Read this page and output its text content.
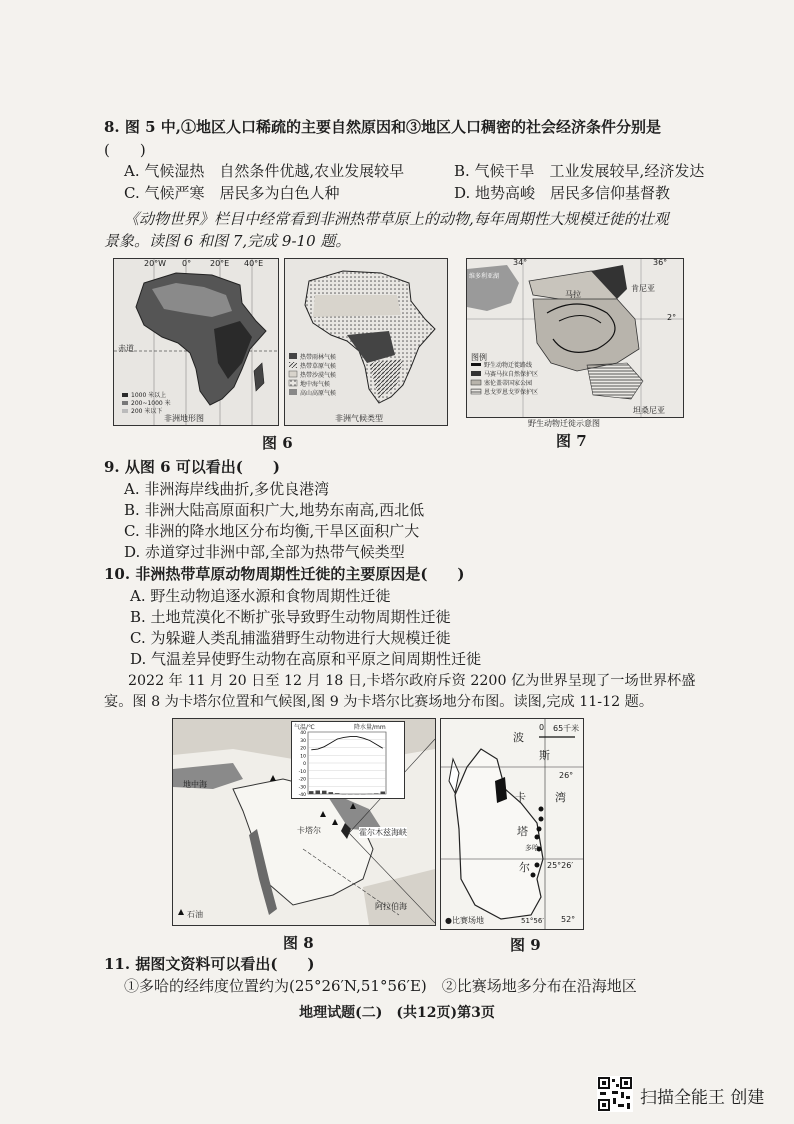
8. 图 5 中,①地区人口稀疏的主要自然原因和③地区人口稠密的社会经济条件分别是
(　　)
A. 气候湿热　自然条件优越,农业发展较早	B. 气候干旱　工业发展较早,经济发达
C. 气候严寒　居民多为白色人种	D. 地势高峻　居民多信仰基督教
《动物世界》栏目中经常看到非洲热带草原上的动物,每年周期性大规模迁徙的壮观
景象。读图 6 和图 7,完成 9-10 题。
20°W 0° 20°E 40°E
赤道
1000 米以上
200~1000 米
200 米以下
非洲地形图
热带雨林气候
热带草原气候
热带沙漠气候
地中海气候
高山高原气候
非洲气候类型
图 6
34°	36°
2°
维多利亚湖
肯尼亚
坦桑尼亚
马拉
图例
野生动物迁徙路线
马赛马拉自然保护区
塞伦盖蒂国家公园
恩戈罗恩戈罗保护区
野生动物迁徙示意图
图 7
9. 从图 6 可以看出(　　)
A. 非洲海岸线曲折,多优良港湾
B. 非洲大陆高原面积广大,地势东南高,西北低
C. 非洲的降水地区分布均衡,干旱区面积广大
D. 赤道穿过非洲中部,全部为热带气候类型
10. 非洲热带草原动物周期性迁徙的主要原因是(　　)
A. 野生动物追逐水源和食物周期性迁徙
B. 土地荒漠化不断扩张导致野生动物周期性迁徙
C. 为躲避人类乱捕滥猎野生动物进行大规模迁徙
D. 气温差异使野生动物在高原和平原之间周期性迁徙
2022 年 11 月 20 日至 12 月 18 日,卡塔尔政府斥资 2200 亿为世界呈现了一场世界杯盛
宴。图 8 为卡塔尔位置和气候图,图 9 为卡塔尔比赛场地分布图。读图,完成 11-12 题。
气温/℃	降水量/mm
40
30
20
10
0
-10
-20
-30
-40
地中海
卡塔尔	霍尔木兹海峡
阿拉伯海
石油
图 8
0 65千米
波
斯
湾
卡
塔
尔
多哈
26°
25°26′
51°56′ 52°
●比赛场地
图 9
11. 据图文资料可以看出(　　)
①多哈的经纬度位置约为(25°26′N,51°56′E)　②比赛场地多分布在沿海地区
地理试题(二)　(共12页)第3页
扫描全能王 创建
